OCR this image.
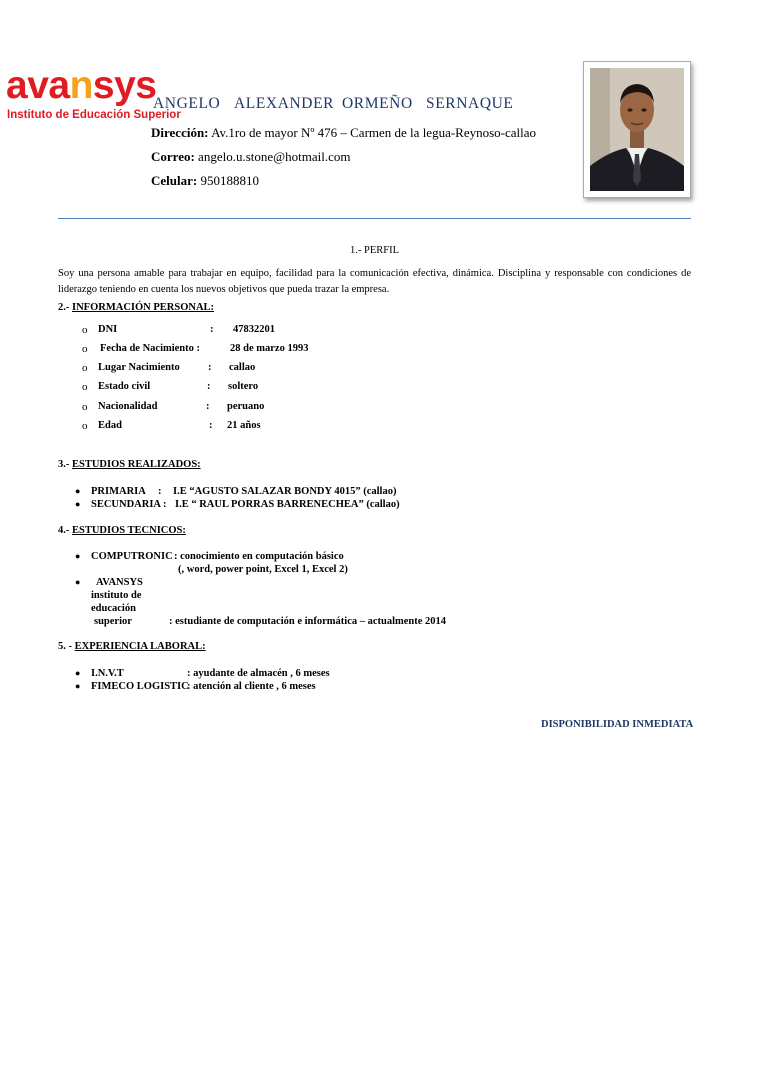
avansys
Instituto de Educación Superior
ANGELO ALEXANDER ORMEÑO SERNAQUE
Dirección: Av.1ro de mayor Nº 476 – Carmen de la legua-Reynoso-callao
Correo: angelo.u.stone@hotmail.com
Celular: 950188810
1.- PERFIL
Soy una persona amable para trabajar en equipo, facilidad para la comunicación efectiva, dinámica. Disciplina y responsable con condiciones de liderazgo teniendo en cuenta los nuevos objetivos que pueda trazar la empresa.
2.- INFORMACIÓN PERSONAL:
o DNI	: 47832201
o Fecha de Nacimiento :	28 de marzo 1993
o Lugar Nacimiento	: callao
o Estado civil	: soltero
o Nacionalidad	: peruano
o Edad	: 21 años
3.- ESTUDIOS REALIZADOS:
● PRIMARIA : I.E “AGUSTO SALAZAR BONDY 4015” (callao)
● SECUNDARIA : I.E “ RAUL PORRAS BARRENECHEA” (callao)
4.- ESTUDIOS TECNICOS:
● COMPUTRONIC : conocimiento en computación básico
(, word, power point, Excel 1, Excel 2)
● AVANSYS
instituto de
educación
superior	: estudiante de computación e informática – actualmente 2014
5. - EXPERIENCIA LABORAL:
● I.N.V.T	: ayudante de almacén , 6 meses
● FIMECO LOGISTIC
: atención al cliente , 6 meses
DISPONIBILIDAD INMEDIATA
